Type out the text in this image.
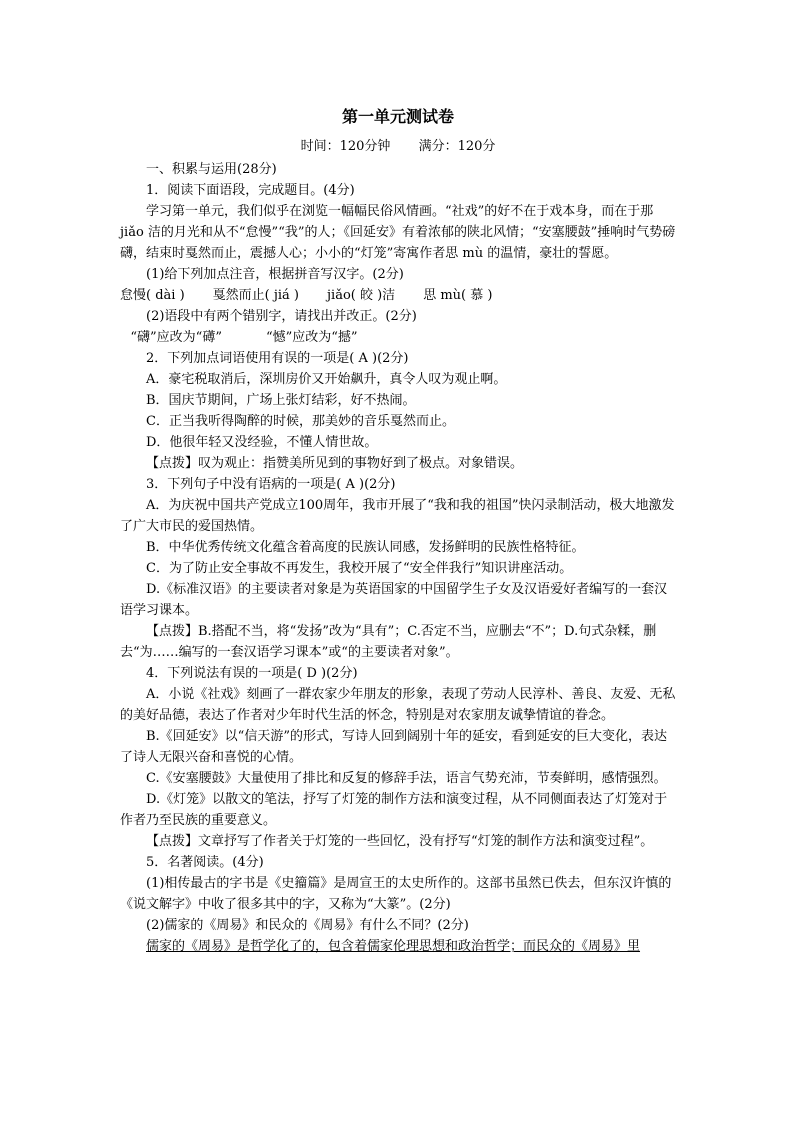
第一单元测试卷

时间：120分钟 满分：120分

一、积累与运用(28分)

1．阅读下面语段，完成题目。(4分)

学习第一单元，我们似乎在浏览一幅幅民俗风情画。“社戏”的好不在于戏本身，而在于那 jiǎo 洁的月光和从不“怠慢”“我”的人；《回延安》有着浓郁的陕北风情；“安塞腰鼓”捶响时气势磅礴，结束时戛然而止，震撼人心；小小的“灯笼”寄寓作者思 mù 的温情，豪壮的誓愿。

(1)给下列加点注音，根据拼音写汉字。(2分)

怠慢( dài ) 戛然而止( jiá ) jiǎo( 皎 )洁 思 mù( 慕 )

(2)语段中有两个错别字，请找出并改正。(2分)

“礴”应改为“礡”	“憾”应改为“撼”

2．下列加点词语使用有误的一项是( A )(2分)

A．豪宅税取消后，深圳房价又开始飙升，真令人叹为观止啊。

B．国庆节期间，广场上张灯结彩，好不热闹。

C．正当我听得陶醉的时候，那美妙的音乐戛然而止。

D．他很年轻又没经验，不懂人情世故。

【点拨】叹为观止：指赞美所见到的事物好到了极点。对象错误。

3．下列句子中没有语病的一项是( A )(2分)

A．为庆祝中国共产党成立100周年，我市开展了“我和我的祖国”快闪录制活动，极大地激发了广大市民的爱国热情。

B．中华优秀传统文化蕴含着高度的民族认同感，发扬鲜明的民族性格特征。

C．为了防止安全事故不再发生，我校开展了“安全伴我行”知识讲座活动。

D.《标准汉语》的主要读者对象是为英语国家的中国留学生子女及汉语爱好者编写的一套汉语学习课本。

【点拨】B.搭配不当，将“发扬”改为“具有”；C.否定不当，应删去“不”；D.句式杂糅，删去“为……编写的一套汉语学习课本”或“的主要读者对象”。

4．下列说法有误的一项是( D )(2分)

A．小说《社戏》刻画了一群农家少年朋友的形象，表现了劳动人民淳朴、善良、友爱、无私的美好品德，表达了作者对少年时代生活的怀念，特别是对农家朋友诚挚情谊的眷念。

B.《回延安》以“信天游”的形式，写诗人回到阔别十年的延安，看到延安的巨大变化，表达了诗人无限兴奋和喜悦的心情。

C.《安塞腰鼓》大量使用了排比和反复的修辞手法，语言气势充沛，节奏鲜明，感情强烈。

D.《灯笼》以散文的笔法，抒写了灯笼的制作方法和演变过程，从不同侧面表达了灯笼对于作者乃至民族的重要意义。

【点拨】文章抒写了作者关于灯笼的一些回忆，没有抒写“灯笼的制作方法和演变过程”。

5．名著阅读。(4分)

(1)相传最古的字书是《史籀篇》是周宣王的太史所作的。这部书虽然已佚去，但东汉许慎的《说文解字》中收了很多其中的字，又称为“大篆”。(2分)

(2)儒家的《周易》和民众的《周易》有什么不同？(2分)

儒家的《周易》是哲学化了的，包含着儒家伦理思想和政治哲学；而民众的《周易》里
